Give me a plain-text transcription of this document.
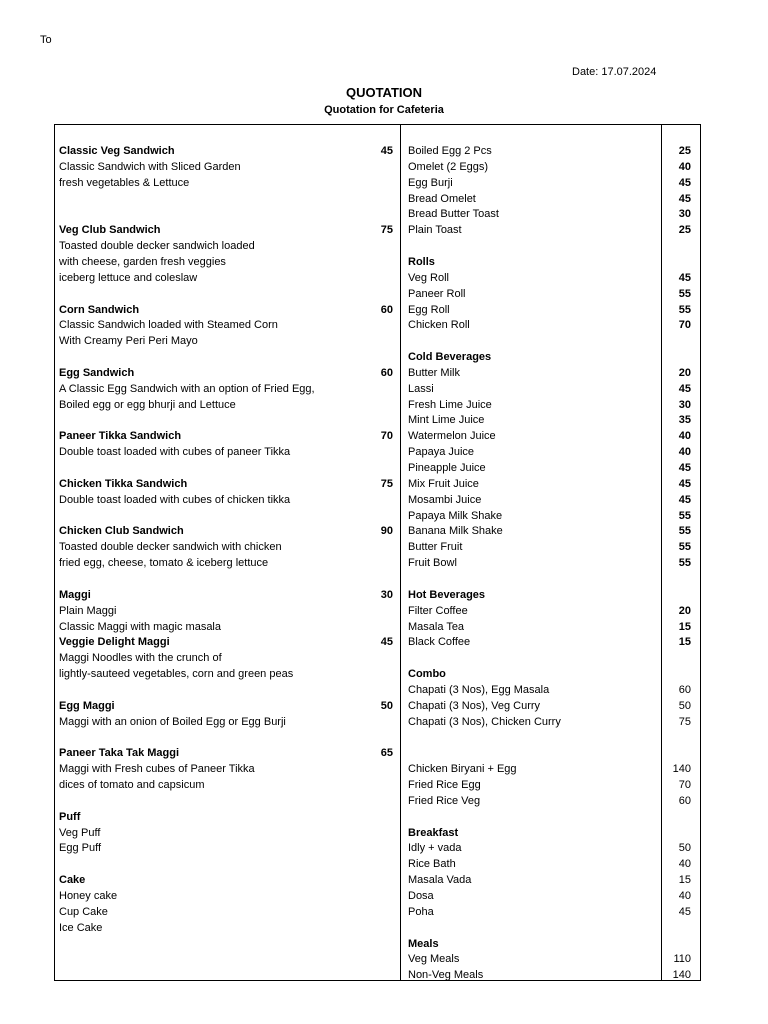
To
Date: 17.07.2024
QUOTATION
Quotation for Cafeteria
Classic Veg Sandwich	45
Classic Sandwich with Sliced Garden
fresh vegetables & Lettuce
Veg Club Sandwich	75
Toasted double decker sandwich loaded
with cheese, garden fresh veggies
iceberg lettuce and coleslaw
Corn Sandwich	60
Classic Sandwich loaded with Steamed Corn
With Creamy Peri Peri Mayo
Egg Sandwich	60
A Classic Egg Sandwich with an option of Fried Egg,
Boiled egg or egg bhurji and Lettuce
Paneer Tikka Sandwich	70
Double toast loaded with cubes of paneer Tikka
Chicken Tikka Sandwich	75
Double toast loaded with cubes of chicken tikka
Chicken Club Sandwich	90
Toasted double decker sandwich with chicken
fried egg, cheese, tomato & iceberg lettuce
Maggi	30
Plain Maggi
Classic Maggi with magic masala
Veggie Delight Maggi	45
Maggi Noodles with the crunch of
lightly-sauteed vegetables, corn and green peas
Egg Maggi	50
Maggi with an onion of Boiled Egg or Egg Burji
Paneer Taka Tak Maggi	65
Maggi with Fresh cubes of Paneer Tikka
dices of tomato and capsicum
Puff
Veg Puff
Egg Puff
Cake
Honey cake
Cup Cake
Ice Cake
Boiled Egg 2 Pcs	25
Omelet (2 Eggs)	40
Egg Burji	45
Bread Omelet	45
Bread Butter Toast	30
Plain Toast	25
Rolls
Veg Roll	45
Paneer Roll	55
Egg Roll	55
Chicken Roll	70
Cold Beverages
Butter Milk	20
Lassi	45
Fresh Lime Juice	30
Mint Lime Juice	35
Watermelon Juice	40
Papaya Juice	40
Pineapple Juice	45
Mix Fruit Juice	45
Mosambi Juice	45
Papaya Milk Shake	55
Banana Milk Shake	55
Butter Fruit	55
Fruit Bowl	55
Hot Beverages
Filter Coffee	20
Masala Tea	15
Black Coffee	15
Combo
Chapati (3 Nos), Egg Masala	60
Chapati (3 Nos), Veg Curry	50
Chapati (3 Nos), Chicken Curry	75
Chicken Biryani + Egg	140
Fried Rice Egg	70
Fried Rice Veg	60
Breakfast
Idly + vada	50
Rice Bath	40
Masala Vada	15
Dosa	40
Poha	45
Meals
Veg Meals	110
Non-Veg Meals	140
